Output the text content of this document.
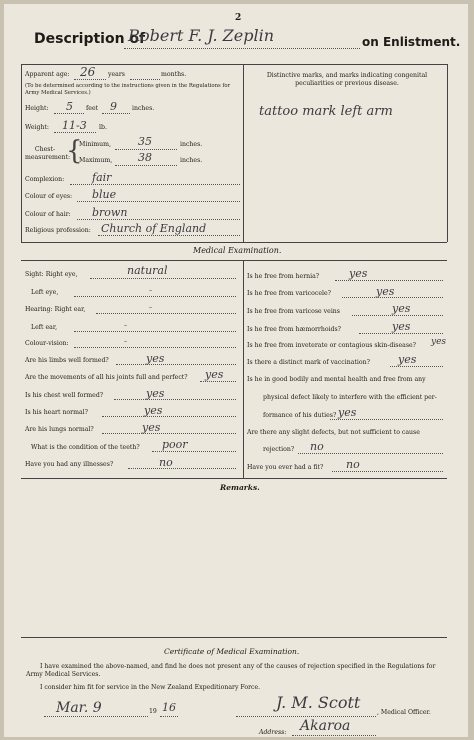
2
Description of
Robert F. J. Zeplin	on Enlistment.
Apparent age: 26 years	months.
(To be determined according to the instructions given in the Regulations for Army Medical Services.)
Height: 5 feet 9 inches.
Weight: 11-3 lb.
Chest-measurement:
{
Minimum, 35	inches.
Maximum, 38	inches.
Complexion:	fair
Colour of eyes: blue
Colour of hair: brown
Religious profession: Church of England
Distinctive marks, and marks indicating congenital peculiarities or previous disease.
tattoo mark left arm
Medical Examination.
Sight: Right eye,	natural
Left eye,	–
Hearing: Right ear,	–
Left ear,	–
Colour-vision:	–
Are his limbs well formed?	yes
Are the movements of all his joints full and perfect? yes
Is his chest well formed?	yes
Is his heart normal?	yes
Are his lungs normal?	yes
What is the condition of the teeth? poor
Have you had any illnesses?	no
Is he free from hernia?	yes
Is he free from varicocele?	yes
Is he free from varicose veins	yes
Is he free from hæmorrhoids?	yes
Is he free from inveterate or contagious skin-disease? yes
Is there a distinct mark of vaccination?	yes
Is he in good bodily and mental health and free from any
physical defect likely to interfere with the efficient per-
formance of his duties? yes
Are there any slight defects, but not sufficient to cause
rejection? no
Have you ever had a fit? no
Remarks.
Certificate of Medical Examination.
I have examined the above-named, and find he does not present any of the causes of rejection specified in the Regulations for Army Medical Services.
I consider him fit for service in the New Zealand Expeditionary Force.
Mar. 9	19 16	J. M. Scott
, Medical Officer.
Address: Akaroa
